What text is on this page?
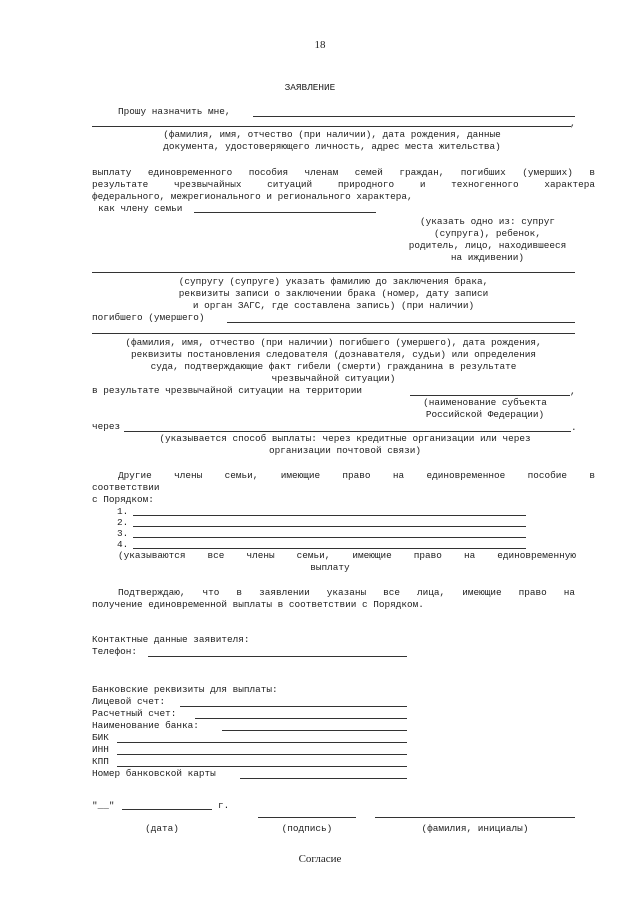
18
ЗАЯВЛЕНИЕ
Прошу назначить мне,
,
(фамилия, имя, отчество (при наличии), дата рождения, данные
документа, удостоверяющего личность, адрес места жительства)
выплату единовременного пособия членам семей граждан, погибших (умерших) в
результате чрезвычайных ситуаций природного и техногенного характера
федерального, межрегионального и регионального характера,
как члену семьи
(указать одно из: супруг
(супруга), ребенок,
родитель, лицо, находившееся
на иждивении)
(супругу (супруге) указать фамилию до заключения брака,
реквизиты записи о заключении брака (номер, дату записи
и орган ЗАГС, где составлена запись) (при наличии)
погибшего (умершего)
(фамилия, имя, отчество (при наличии) погибшего (умершего), дата рождения,
реквизиты постановления следователя (дознавателя, судьи) или определения
суда, подтверждающие факт гибели (смерти) гражданина в результате
чрезвычайной ситуации)
в результате чрезвычайной ситуации на территории	,
(наименование субъекта
Российской Федерации)
через	.
(указывается способ выплаты: через кредитные организации или через
организации почтовой связи)
Другие члены семьи, имеющие право на единовременное пособие в
соответствии
с Порядком:
1.
2.
3.
4.
(указываются все члены семьи, имеющие право на единовременную
выплату
Подтверждаю, что в заявлении указаны все лица, имеющие право на
получение единовременной выплаты в соответствии с Порядком.
Контактные данные заявителя:
Телефон:
Банковские реквизиты для выплаты:
Лицевой счет:
Расчетный счет:
Наименование банка:
БИК
ИНН
КПП
Номер банковской карты
"__"	г.
(дата)	(подпись)	(фамилия, инициалы)
Согласие
